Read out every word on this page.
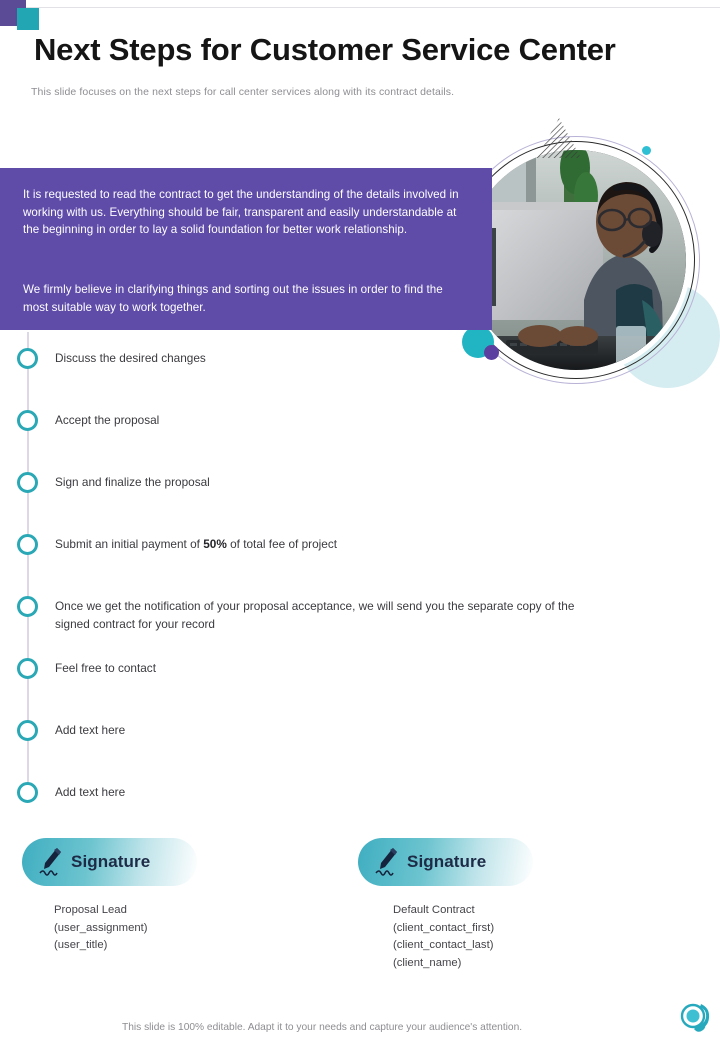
Next Steps for Customer Service Center
This slide focuses on the next steps for call center services along with its contract details.

It is requested to read the contract to get the understanding of the details involved in working with us. Everything should be fair, transparent and easily understandable at the beginning in order to lay a solid foundation for better work relationship.

We firmly believe in clarifying things and sorting out the issues in order to find the most suitable way to work together.

Discuss the desired changes
Accept the proposal
Sign and finalize the proposal
Submit an initial payment of 50% of total fee of project
Once we get the notification of your proposal acceptance, we will send you the separate copy of the signed contract for your record
Feel free to contact
Add text here
Add text here
Signature
Proposal Lead
(user_assignment)
(user_title)
Signature
Default Contract
(client_contact_first)
(client_contact_last)
(client_name)
This slide is 100% editable. Adapt it to your needs and capture your audience's attention.
